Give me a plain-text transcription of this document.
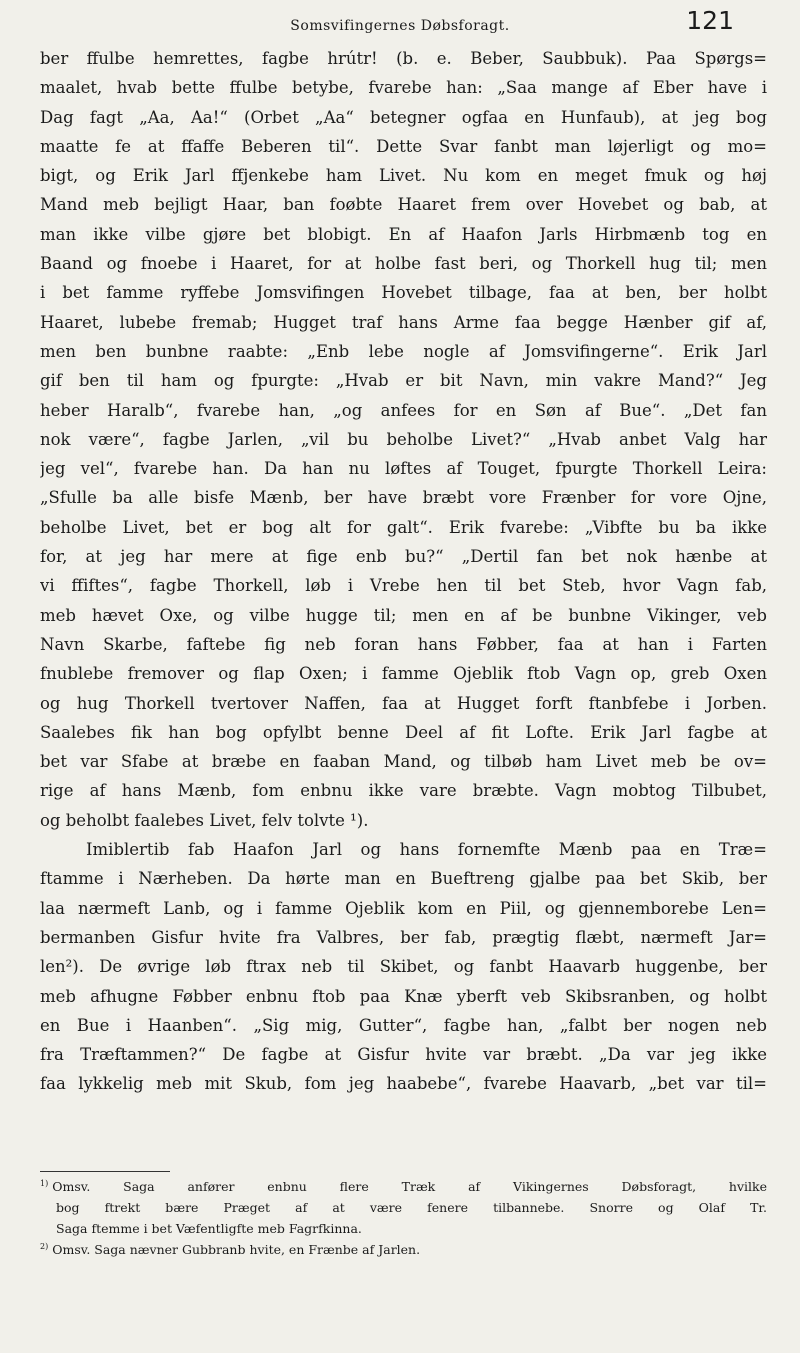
Somsvifingernes Døbsforagt.	121
ber ffulbe hemrettes, fagbe hrútr! (b. e. Beber, Saubbuk). Paa Spørgs=
maalet, hvab bette ffulbe betybe, fvarebe han: „Saa mange af Eber have i
Dag fagt „Aa, Aa!“ (Orbet „Aa“ betegner ogfaa en Hunfaub), at jeg bog
maatte fe at ffaffe Beberen til“. Dette Svar fanbt man løjerligt og mo=
bigt, og Erik Jarl ffjenkebe ham Livet. Nu kom en meget fmuk og høj
Mand meb bejligt Haar, ban foøbte Haaret frem over Hovebet og bab, at
man ikke vilbe gjøre bet blobigt. En af Haafon Jarls Hirbmænb tog en
Baand og fnoebe i Haaret, for at holbe fast beri, og Thorkell hug til; men
i bet famme ryffebe Jomsvifingen Hovebet tilbage, faa at ben, ber holbt
Haaret, lubebe fremab; Hugget traf hans Arme faa begge Hænber gif af,
men ben bunbne raabte: „Enb lebe nogle af Jomsvifingerne“. Erik Jarl
gif ben til ham og fpurgte: „Hvab er bit Navn, min vakre Mand?“ Jeg
heber Haralb“, fvarebe han, „og anfees for en Søn af Bue“. „Det fan
nok være“, fagbe Jarlen, „vil bu beholbe Livet?“ „Hvab anbet Valg har
jeg vel“, fvarebe han. Da han nu løftes af Touget, fpurgte Thorkell Leira:
„Sfulle ba alle bisfe Mænb, ber have bræbt vore Frænber for vore Ojne,
beholbe Livet, bet er bog alt for galt“. Erik fvarebe: „Vibfte bu ba ikke
for, at jeg har mere at fige enb bu?“ „Dertil fan bet nok hænbe at
vi ffiftes“, fagbe Thorkell, løb i Vrebe hen til bet Steb, hvor Vagn fab,
meb hævet Oxe, og vilbe hugge til; men en af be bunbne Vikinger, veb
Navn Skarbe, faftebe fig neb foran hans Føbber, faa at han i Farten
fnublebe fremover og flap Oxen; i famme Ojeblik ftob Vagn op, greb Oxen
og hug Thorkell tvertover Naffen, faa at Hugget forft ftanbfebe i Jorben.
Saalebes fik han bog opfylbt benne Deel af fit Lofte. Erik Jarl fagbe at
bet var Sfabe at bræbe en faaban Mand, og tilbøb ham Livet meb be ov=
rige af hans Mænb, fom enbnu ikke vare bræbte. Vagn mobtog Tilbubet,
og beholbt faalebes Livet, felv tolvte ¹).
Imiblertib fab Haafon Jarl og hans fornemfte Mænb paa en Træ=
ftamme i Nærheben. Da hørte man en Bueftreng gjalbe paa bet Skib, ber
laa nærmeft Lanb, og i famme Ojeblik kom en Piil, og gjennemborebe Len=
bermanben Gisfur hvite fra Valbres, ber fab, prægtig flæbt, nærmeft Jar=
len²). De øvrige løb ftrax neb til Skibet, og fanbt Haavarb huggenbe, ber
meb afhugne Føbber enbnu ftob paa Knæ yberft veb Skibsranben, og holbt
en Bue i Haanben“. „Sig mig, Gutter“, fagbe han, „falbt ber nogen neb
fra Træftammen?“ De fagbe at Gisfur hvite var bræbt. „Da var jeg ikke
faa lykkelig meb mit Skub, fom jeg haabebe“, fvarebe Haavarb, „bet var til=
$^{1)}$ Omsv. Saga anfører enbnu flere Træk af Vikingernes Døbsforagt, hvilke
bog ftrekt bære Præget af at være fenere tilbannebe. Snorre og Olaf Tr.
Saga ftemme i bet Væfentligfte meb Fagrfkinna.
$^{2)}$ Omsv. Saga nævner Gubbranb hvite, en Frænbe af Jarlen.
